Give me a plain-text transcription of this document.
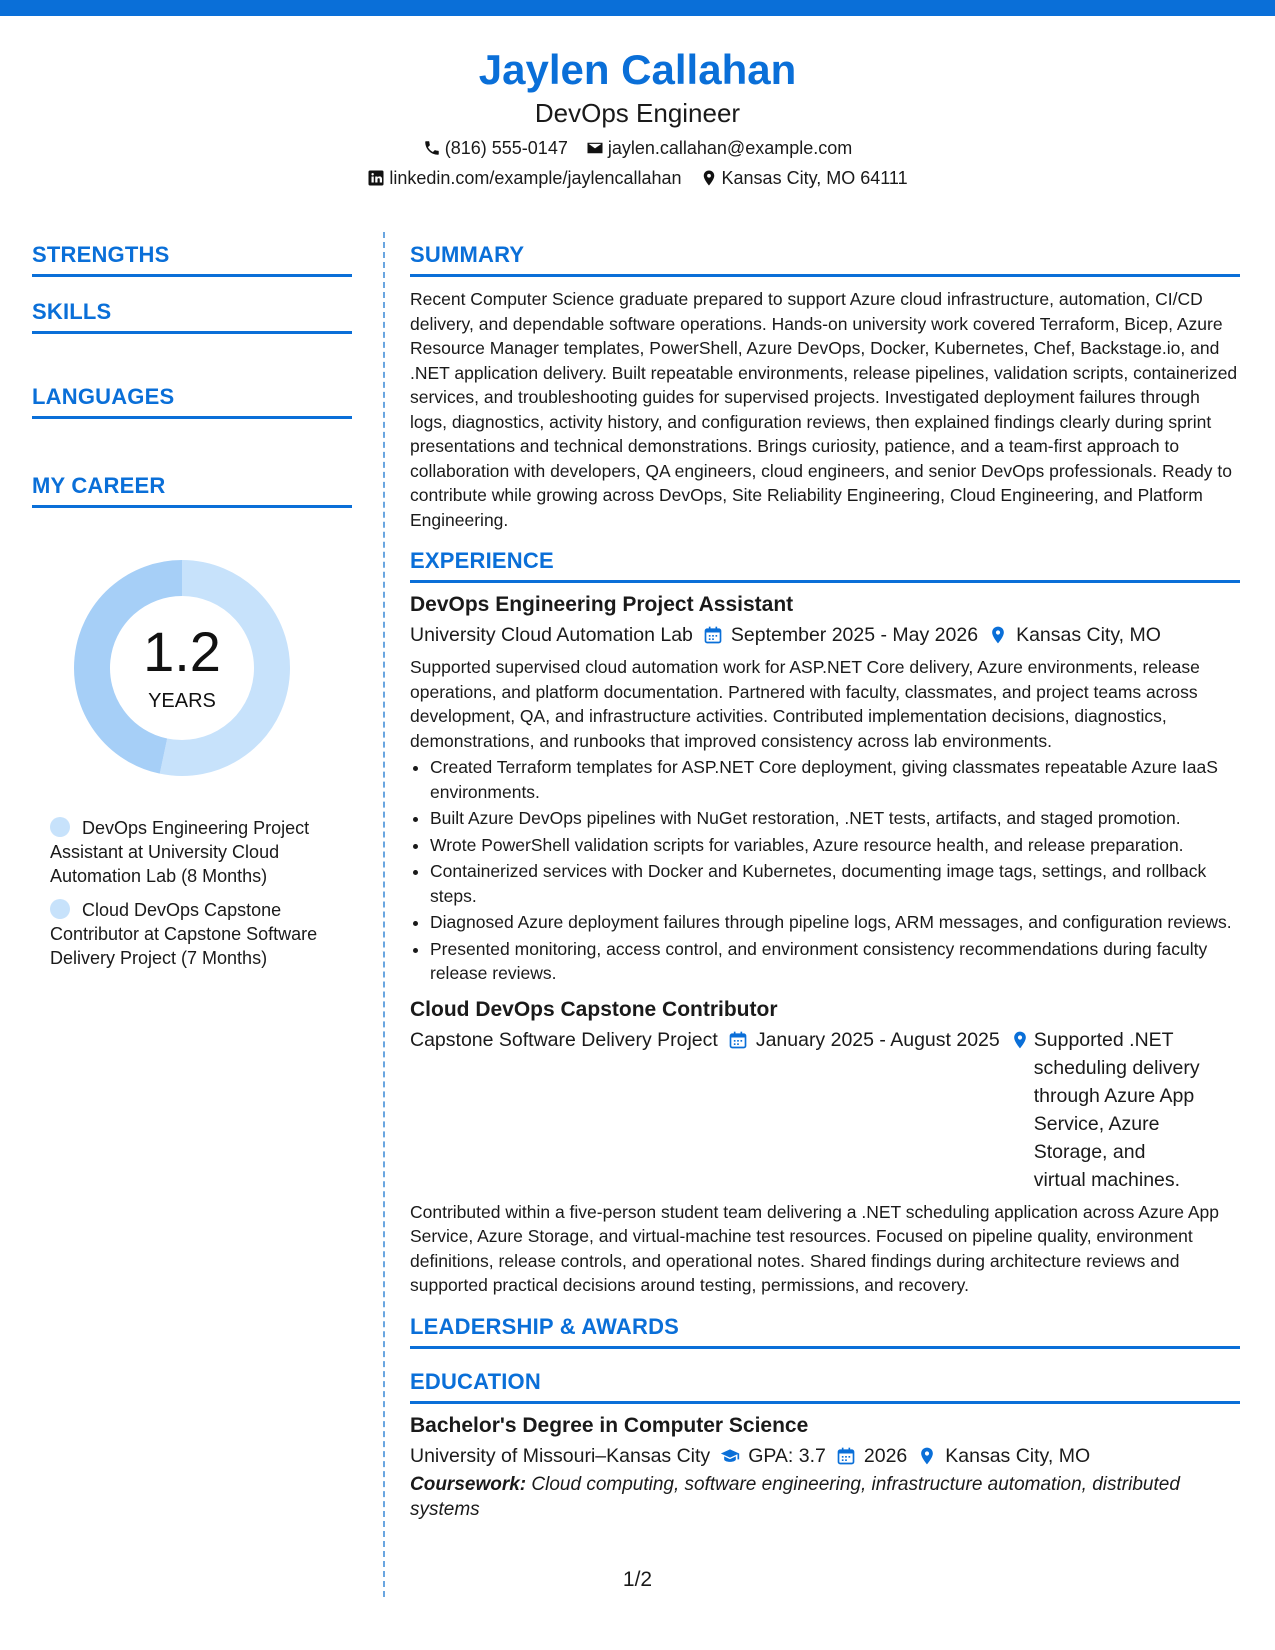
Jaylen Callahan
DevOps Engineer
(816) 555-0147 jaylen.callahan@example.com
linkedin.com/example/jaylencallahan Kansas City, MO 64111
STRENGTHS
SKILLS
LANGUAGES
MY CAREER
1.2
YEARS
DevOps Engineering Project Assistant at University Cloud Automation Lab (8 Months)
Cloud DevOps Capstone Contributor at Capstone Software Delivery Project (7 Months)
SUMMARY
Recent Computer Science graduate prepared to support Azure cloud infrastructure, automation, CI/CD delivery, and dependable software operations. Hands-on university work covered Terraform, Bicep, Azure Resource Manager templates, PowerShell, Azure DevOps, Docker, Kubernetes, Chef, Backstage.io, and .NET application delivery. Built repeatable environments, release pipelines, validation scripts, containerized services, and troubleshooting guides for supervised projects. Investigated deployment failures through logs, diagnostics, activity history, and configuration reviews, then explained findings clearly during sprint presentations and technical demonstrations. Brings curiosity, patience, and a team-first approach to collaboration with developers, QA engineers, cloud engineers, and senior DevOps professionals. Ready to contribute while growing across DevOps, Site Reliability Engineering, Cloud Engineering, and Platform Engineering.
EXPERIENCE
DevOps Engineering Project Assistant
University Cloud Automation Lab September 2025 - May 2026 Kansas City, MO
Supported supervised cloud automation work for ASP.NET Core delivery, Azure environments, release operations, and platform documentation. Partnered with faculty, classmates, and project teams across development, QA, and infrastructure activities. Contributed implementation decisions, diagnostics, demonstrations, and runbooks that improved consistency across lab environments.
• Created Terraform templates for ASP.NET Core deployment, giving classmates repeatable Azure IaaS environments.
• Built Azure DevOps pipelines with NuGet restoration, .NET tests, artifacts, and staged promotion.
• Wrote PowerShell validation scripts for variables, Azure resource health, and release preparation.
• Containerized services with Docker and Kubernetes, documenting image tags, settings, and rollback steps.
• Diagnosed Azure deployment failures through pipeline logs, ARM messages, and configuration reviews.
• Presented monitoring, access control, and environment consistency recommendations during faculty release reviews.
Cloud DevOps Capstone Contributor
Capstone Software Delivery Project January 2025 - August 2025 Supported .NET scheduling delivery through Azure App Service, Azure Storage, and virtual machines.
Contributed within a five-person student team delivering a .NET scheduling application across Azure App Service, Azure Storage, and virtual-machine test resources. Focused on pipeline quality, environment definitions, release controls, and operational notes. Shared findings during architecture reviews and supported practical decisions around testing, permissions, and recovery.
LEADERSHIP & AWARDS
EDUCATION
Bachelor's Degree in Computer Science
University of Missouri–Kansas City GPA: 3.7 2026 Kansas City, MO
Coursework: Cloud computing, software engineering, infrastructure automation, distributed systems
1/2
